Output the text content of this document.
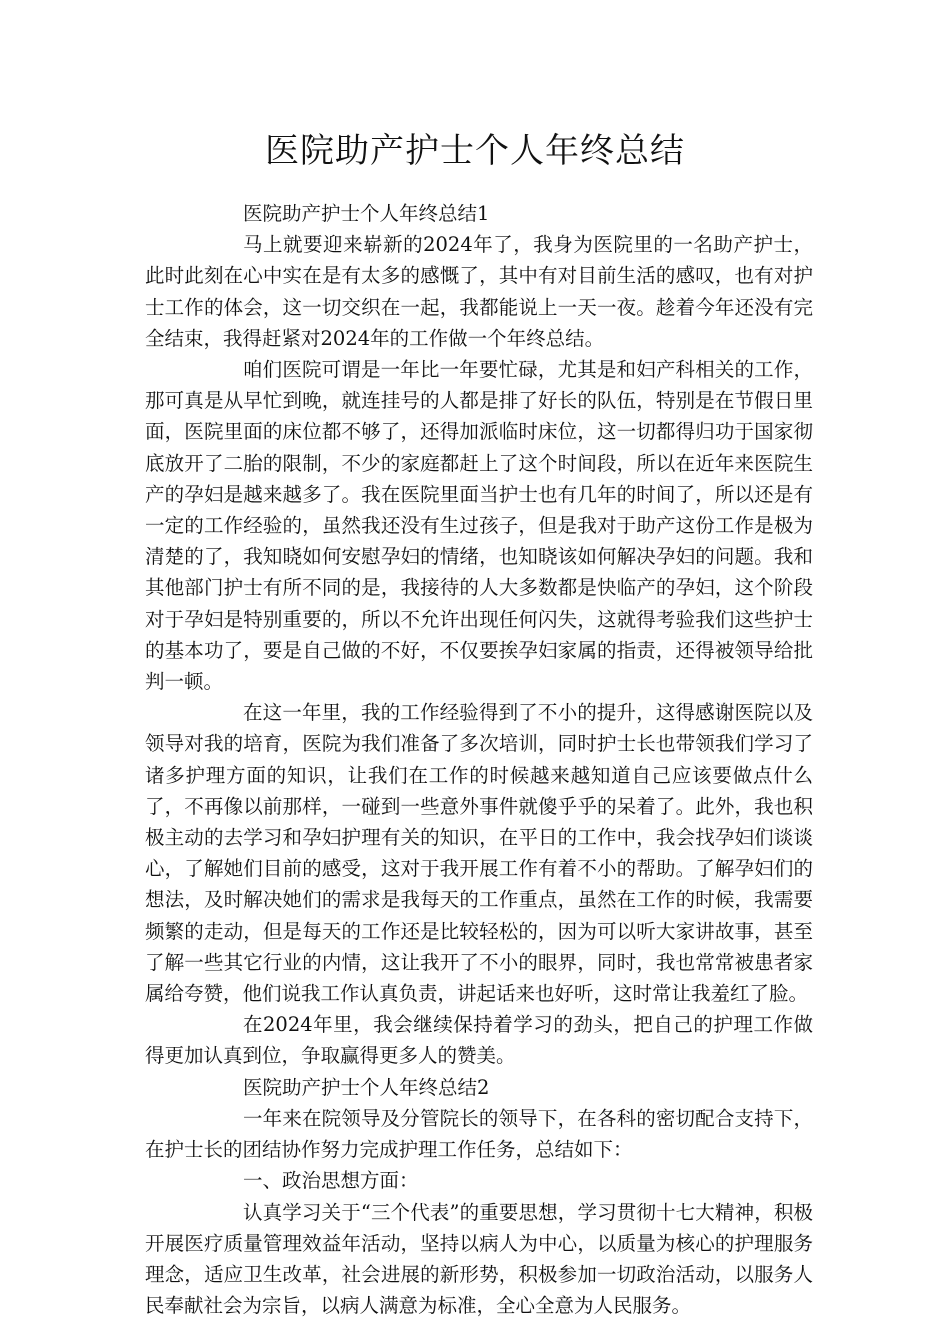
医院助产护士个人年终总结

医院助产护士个人年终总结1

马上就要迎来崭新的2024年了，我身为医院里的一名助产护士，此时此刻在心中实在是有太多的感慨了，其中有对目前生活的感叹，也有对护士工作的体会，这一切交织在一起，我都能说上一天一夜。趁着今年还没有完全结束，我得赶紧对2024年的工作做一个年终总结。

咱们医院可谓是一年比一年要忙碌，尤其是和妇产科相关的工作，那可真是从早忙到晚，就连挂号的人都是排了好长的队伍，特别是在节假日里面，医院里面的床位都不够了，还得加派临时床位，这一切都得归功于国家彻底放开了二胎的限制，不少的家庭都赶上了这个时间段，所以在近年来医院生产的孕妇是越来越多了。我在医院里面当护士也有几年的时间了，所以还是有一定的工作经验的，虽然我还没有生过孩子，但是我对于助产这份工作是极为清楚的了，我知晓如何安慰孕妇的情绪，也知晓该如何解决孕妇的问题。我和其他部门护士有所不同的是，我接待的人大多数都是快临产的孕妇，这个阶段对于孕妇是特别重要的，所以不允许出现任何闪失，这就得考验我们这些护士的基本功了，要是自己做的不好，不仅要挨孕妇家属的指责，还得被领导给批判一顿。

在这一年里，我的工作经验得到了不小的提升，这得感谢医院以及领导对我的培育，医院为我们准备了多次培训，同时护士长也带领我们学习了诸多护理方面的知识，让我们在工作的时候越来越知道自己应该要做点什么了，不再像以前那样，一碰到一些意外事件就傻乎乎的呆着了。此外，我也积极主动的去学习和孕妇护理有关的知识，在平日的工作中，我会找孕妇们谈谈心，了解她们目前的感受，这对于我开展工作有着不小的帮助。了解孕妇们的想法，及时解决她们的需求是我每天的工作重点，虽然在工作的时候，我需要频繁的走动，但是每天的工作还是比较轻松的，因为可以听大家讲故事，甚至了解一些其它行业的内情，这让我开了不小的眼界，同时，我也常常被患者家属给夸赞，他们说我工作认真负责，讲起话来也好听，这时常让我羞红了脸。

在2024年里，我会继续保持着学习的劲头，把自己的护理工作做得更加认真到位，争取赢得更多人的赞美。

医院助产护士个人年终总结2

一年来在院领导及分管院长的领导下，在各科的密切配合支持下，在护士长的团结协作努力完成护理工作任务，总结如下：

一、政治思想方面：

认真学习关于“三个代表”的重要思想，学习贯彻十七大精神，积极开展医疗质量管理效益年活动，坚持以病人为中心，以质量为核心的护理服务理念，适应卫生改革，社会进展的新形势，积极参加一切政治活动，以服务人民奉献社会为宗旨，以病人满意为标准，全心全意为人民服务。
